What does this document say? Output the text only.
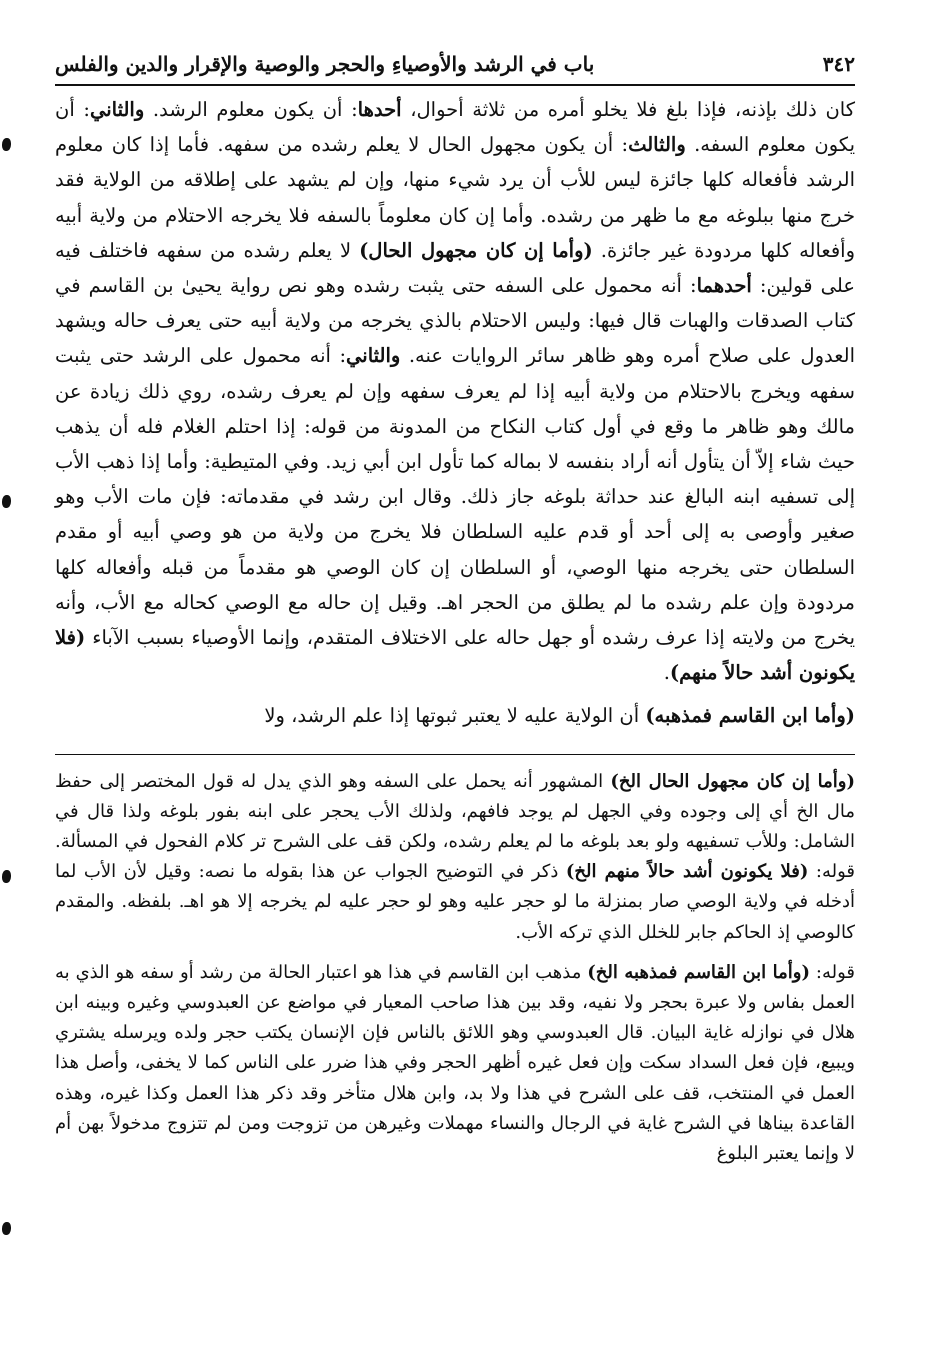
٣٤٢
باب في الرشد والأوصياءِ والحجر والوصية والإقرار والدين والفلس

كان ذلك بإذنه، فإذا بلغ فلا يخلو أمره من ثلاثة أحوال، أحدها: أن يكون معلوم الرشد. والثاني: أن يكون معلوم السفه. والثالث: أن يكون مجهول الحال لا يعلم رشده من سفهه. فأما إذا كان معلوم الرشد فأفعاله كلها جائزة ليس للأب أن يرد شيء منها، وإن لم يشهد على إطلاقه من الولاية فقد خرج منها ببلوغه مع ما ظهر من رشده. وأما إن كان معلوماً بالسفه فلا يخرجه الاحتلام من ولاية أبيه وأفعاله كلها مردودة غير جائزة. (وأما إن كان مجهول الحال) لا يعلم رشده من سفهه فاختلف فيه على قولين: أحدهما: أنه محمول على السفه حتى يثبت رشده وهو نص رواية يحيىٰ بن القاسم في كتاب الصدقات والهبات قال فيها: وليس الاحتلام بالذي يخرجه من ولاية أبيه حتى يعرف حاله ويشهد العدول على صلاح أمره وهو ظاهر سائر الروايات عنه. والثاني: أنه محمول على الرشد حتى يثبت سفهه ويخرج بالاحتلام من ولاية أبيه إذا لم يعرف سفهه وإن لم يعرف رشده، روي ذلك زيادة عن مالك وهو ظاهر ما وقع في أول كتاب النكاح من المدونة من قوله: إذا احتلم الغلام فله أن يذهب حيث شاء إلاّ أن يتأول أنه أراد بنفسه لا بماله كما تأول ابن أبي زيد. وفي المتيطية: وأما إذا ذهب الأب إلى تسفيه ابنه البالغ عند حداثة بلوغه جاز ذلك. وقال ابن رشد في مقدماته: فإن مات الأب وهو صغير وأوصى به إلى أحد أو قدم عليه السلطان فلا يخرج من ولاية من هو وصي أبيه أو مقدم السلطان حتى يخرجه منها الوصي، أو السلطان إن كان الوصي هو مقدماً من قبله وأفعاله كلها مردودة وإن علم رشده ما لم يطلق من الحجر اهـ. وقيل إن حاله مع الوصي كحاله مع الأب، وأنه يخرج من ولايته إذا عرف رشده أو جهل حاله على الاختلاف المتقدم، وإنما الأوصياء بسبب الآباء (فلا يكونون أشد حالاً منهم).

(وأما ابن القاسم فمذهبه) أن الولاية عليه لا يعتبر ثبوتها إذا علم الرشد، ولا

(وأما إن كان مجهول الحال الخ) المشهور أنه يحمل على السفه وهو الذي يدل له قول المختصر إلى حفظ مال الخ أي إلى وجوده وفي الجهل لم يوجد فافهم، ولذلك الأب يحجر على ابنه بفور بلوغه ولذا قال في الشامل: وللأب تسفيهه ولو بعد بلوغه ما لم يعلم رشده، ولكن قف على الشرح تر كلام الفحول في المسألة. قوله: (فلا يكونون أشد حالاً منهم الخ) ذكر في التوضيح الجواب عن هذا بقوله ما نصه: وقيل لأن الأب لما أدخله في ولاية الوصي صار بمنزلة ما لو حجر عليه وهو لو حجر عليه لم يخرجه إلا هو اهـ. بلفظه. والمقدم كالوصي إذ الحاكم جابر للخلل الذي تركه الأب.

قوله: (وأما ابن القاسم فمذهبه الخ) مذهب ابن القاسم في هذا هو اعتبار الحالة من رشد أو سفه هو الذي به العمل بفاس ولا عبرة بحجر ولا نفيه، وقد بين هذا صاحب المعيار في مواضع عن العبدوسي وغيره وبينه ابن هلال في نوازله غاية البيان. قال العبدوسي وهو اللائق بالناس فإن الإنسان يكتب حجر ولده ويرسله يشتري ويبيع، فإن فعل السداد سكت وإن فعل غيره أظهر الحجر وفي هذا ضرر على الناس كما لا يخفى، وأصل هذا العمل في المنتخب، قف على الشرح في هذا ولا بد، وابن هلال متأخر وقد ذكر هذا العمل وكذا غيره، وهذه القاعدة بيناها في الشرح غاية في الرجال والنساء مهملات وغيرهن من تزوجت ومن لم تتزوج مدخولاً بهن أم لا وإنما يعتبر البلوغ
